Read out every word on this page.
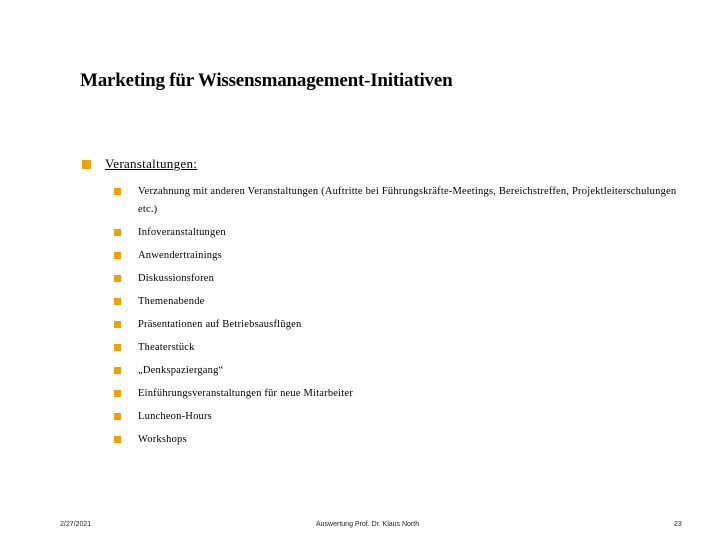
Marketing für Wissensmanagement-Initiativen
Veranstaltungen:
Verzahnung mit anderen Veranstaltungen (Auftritte bei Führungskräfte-Meetings, Bereichstreffen, Projektleiterschulungen etc.)
Infoveranstaltungen
Anwendertrainings
Diskussionsforen
Themenabende
Präsentationen auf Betriebsausflügen
Theaterstück
„Denkspaziergang“
Einführungsveranstaltungen für neue Mitarbeiter
Luncheon-Hours
Workshops
2/27/2021	Auswertung Prof. Dr. Klaus North	23
